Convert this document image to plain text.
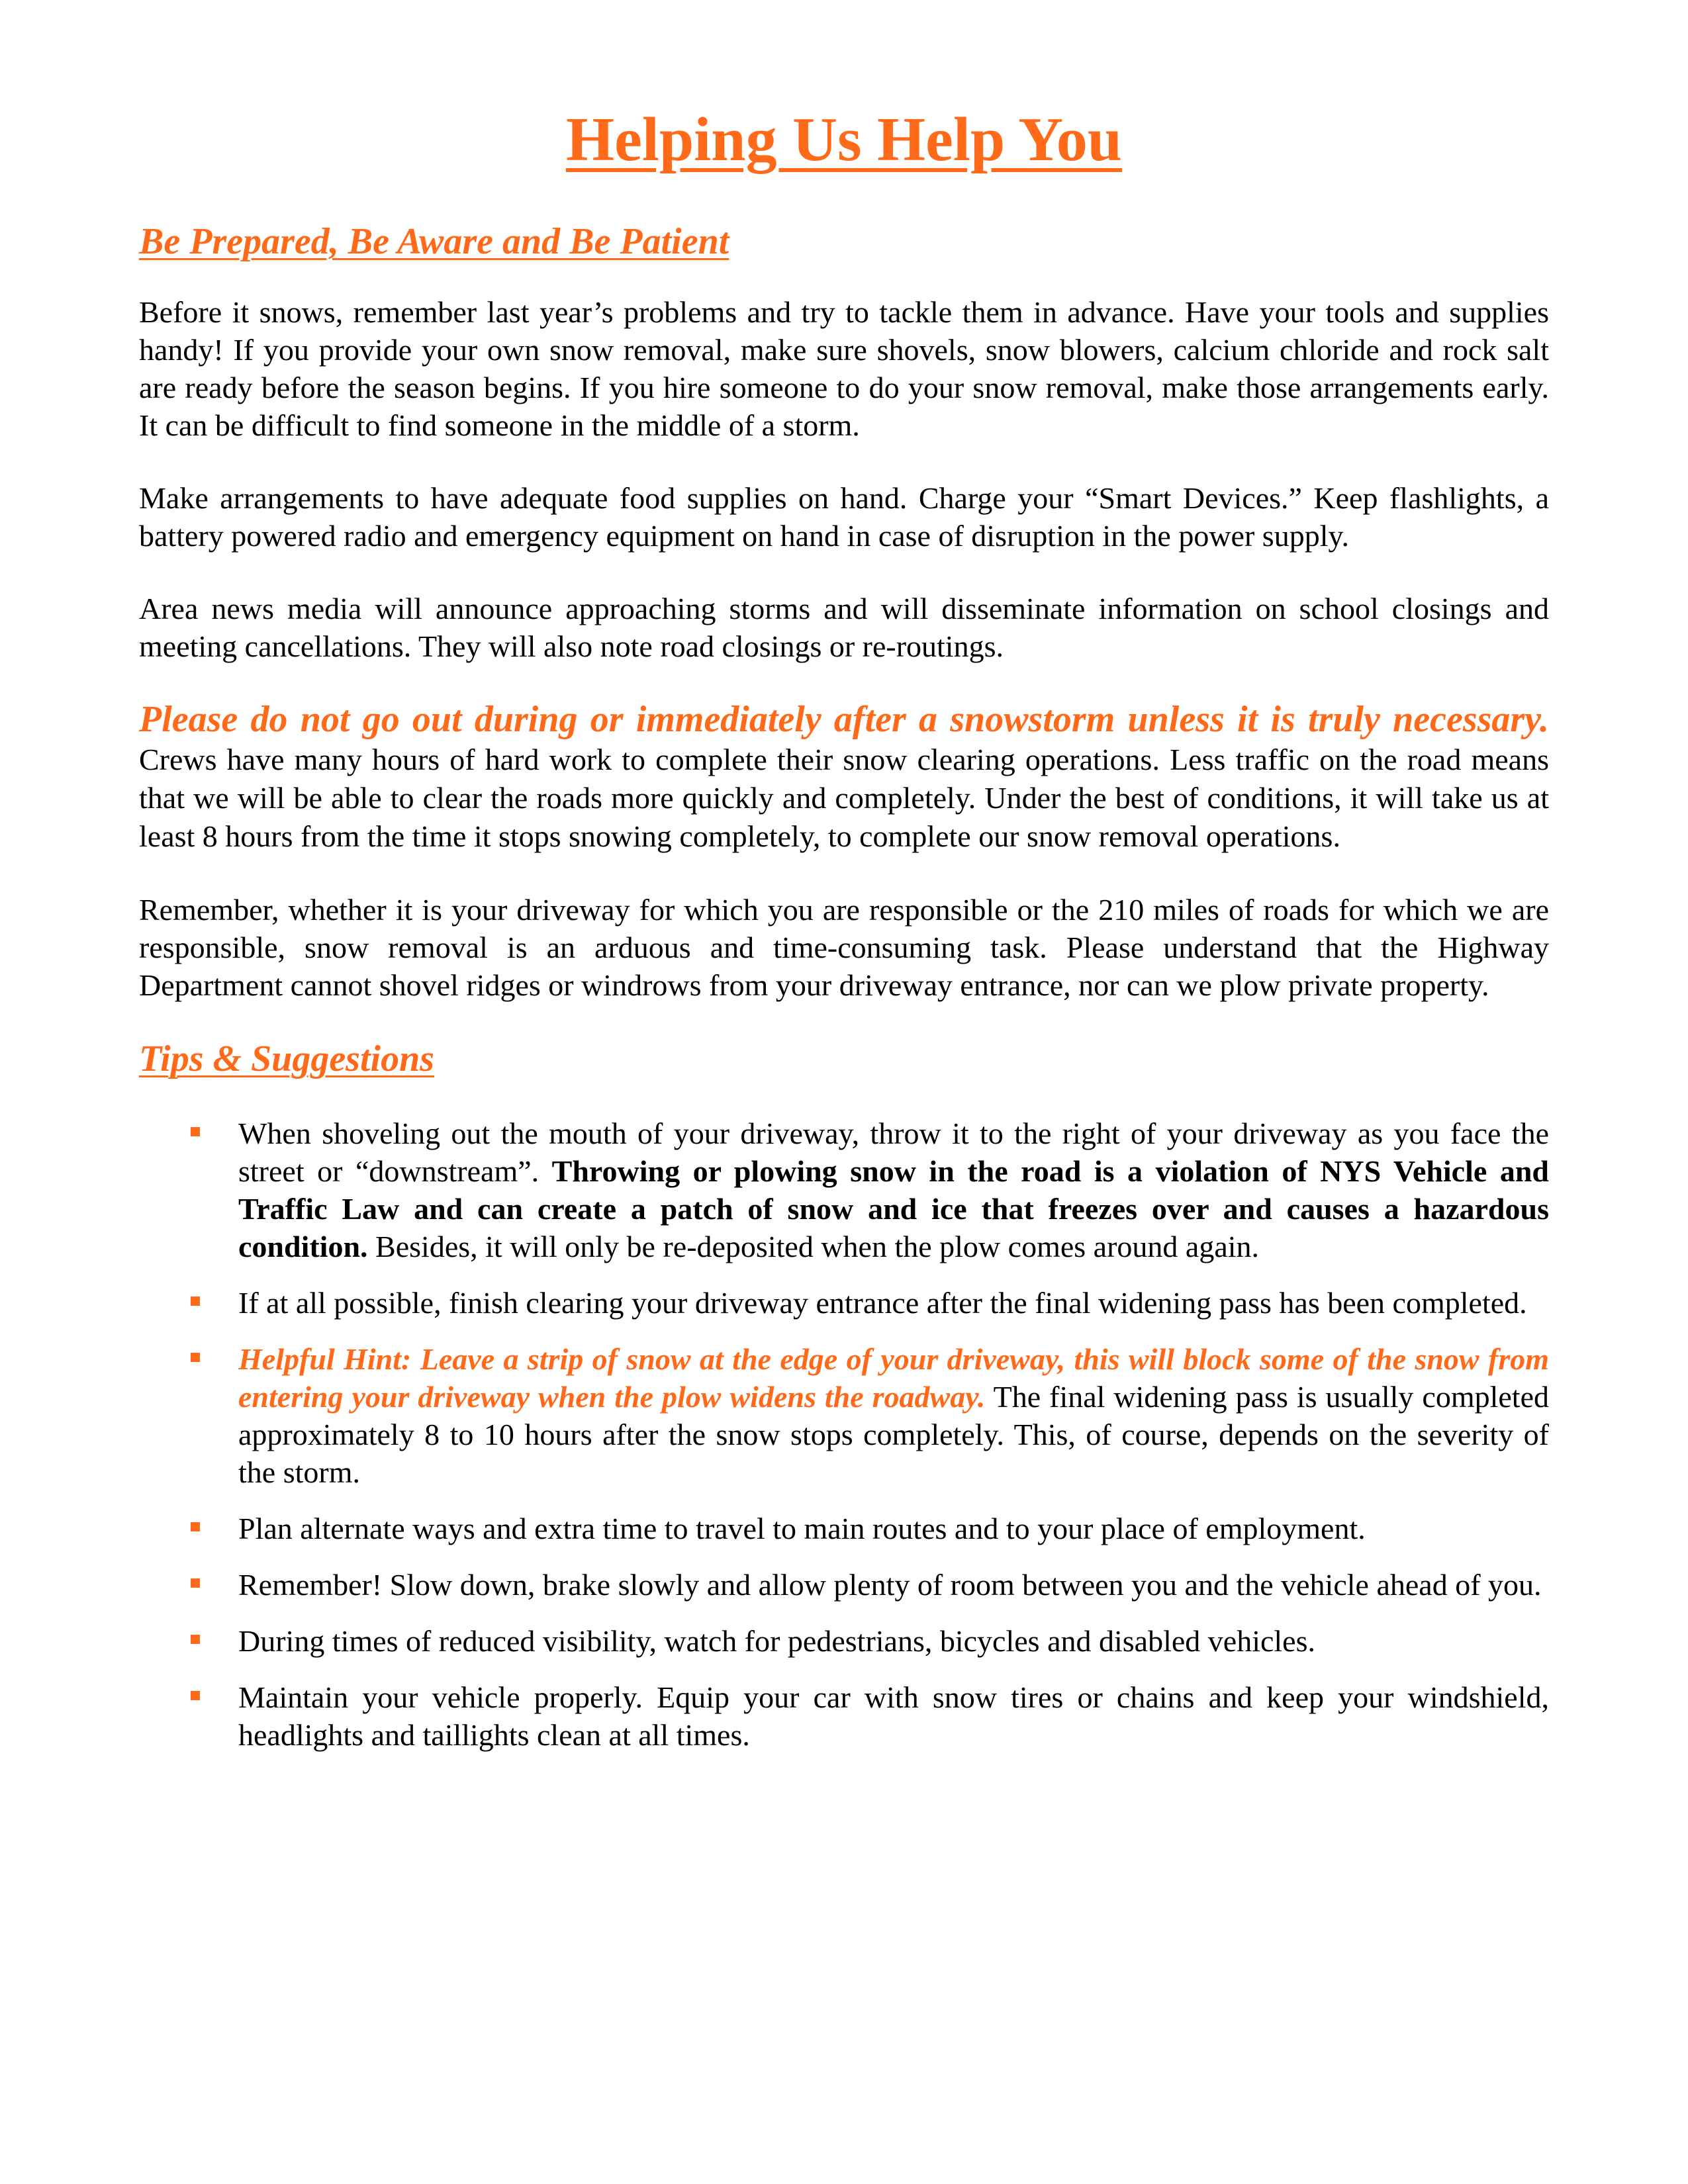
Helping Us Help You
Be Prepared, Be Aware and Be Patient

Before it snows, remember last year’s problems and try to tackle them in advance. Have your tools and supplies handy! If you provide your own snow removal, make sure shovels, snow blowers, calcium chloride and rock salt are ready before the season begins. If you hire someone to do your snow removal, make those arrangements early. It can be difficult to find someone in the middle of a storm.

Make arrangements to have adequate food supplies on hand. Charge your “Smart Devices.” Keep flashlights, a battery powered radio and emergency equipment on hand in case of disruption in the power supply.

Area news media will announce approaching storms and will disseminate information on school closings and meeting cancellations. They will also note road closings or re-routings.

Please do not go out during or immediately after a snowstorm unless it is truly necessary. Crews have many hours of hard work to complete their snow clearing operations. Less traffic on the road means that we will be able to clear the roads more quickly and completely. Under the best of conditions, it will take us at least 8 hours from the time it stops snowing completely, to complete our snow removal operations.

Remember, whether it is your driveway for which you are responsible or the 210 miles of roads for which we are responsible, snow removal is an arduous and time-consuming task. Please understand that the Highway Department cannot shovel ridges or windrows from your driveway entrance, nor can we plow private property.

Tips & Suggestions
When shoveling out the mouth of your driveway, throw it to the right of your driveway as you face the street or “downstream”. Throwing or plowing snow in the road is a violation of NYS Vehicle and Traffic Law and can create a patch of snow and ice that freezes over and causes a hazardous condition. Besides, it will only be re-deposited when the plow comes around again.
If at all possible, finish clearing your driveway entrance after the final widening pass has been completed.
Helpful Hint: Leave a strip of snow at the edge of your driveway, this will block some of the snow from entering your driveway when the plow widens the roadway. The final widening pass is usually completed approximately 8 to 10 hours after the snow stops completely. This, of course, depends on the severity of the storm.
Plan alternate ways and extra time to travel to main routes and to your place of employment.
Remember! Slow down, brake slowly and allow plenty of room between you and the vehicle ahead of you.
During times of reduced visibility, watch for pedestrians, bicycles and disabled vehicles.
Maintain your vehicle properly. Equip your car with snow tires or chains and keep your windshield, headlights and taillights clean at all times.
